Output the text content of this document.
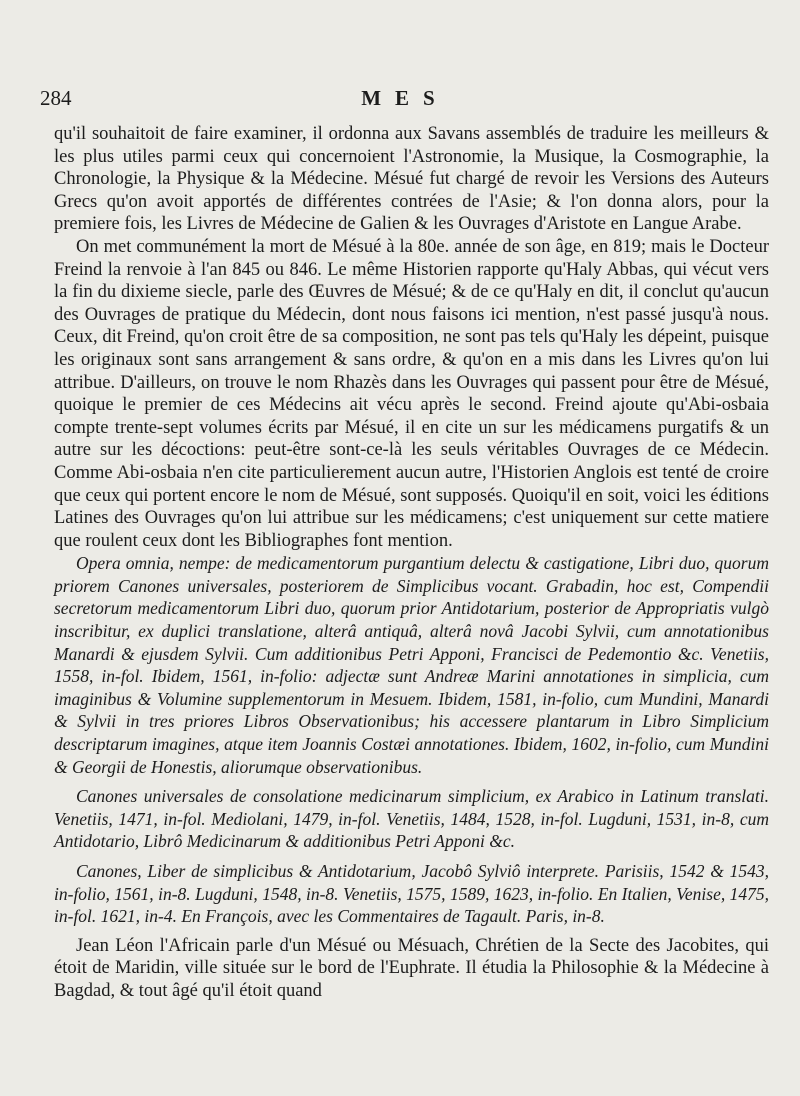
284	MES

qu'il souhaitoit de faire examiner, il ordonna aux Savans assemblés de traduire les meilleurs & les plus utiles parmi ceux qui concernoient l'Astronomie, la Musique, la Cosmographie, la Chronologie, la Physique & la Médecine. Mésué fut chargé de revoir les Versions des Auteurs Grecs qu'on avoit apportés de différentes contrées de l'Asie; & l'on donna alors, pour la premiere fois, les Livres de Médecine de Galien & les Ouvrages d'Aristote en Langue Arabe.

On met communément la mort de Mésué à la 80e. année de son âge, en 819; mais le Docteur Freind la renvoie à l'an 845 ou 846. Le même Historien rapporte qu'Haly Abbas, qui vécut vers la fin du dixieme siecle, parle des Œuvres de Mésué; & de ce qu'Haly en dit, il conclut qu'aucun des Ouvrages de pratique du Médecin, dont nous faisons ici mention, n'est passé jusqu'à nous. Ceux, dit Freind, qu'on croit être de sa composition, ne sont pas tels qu'Haly les dépeint, puisque les originaux sont sans arrangement & sans ordre, & qu'on en a mis dans les Livres qu'on lui attribue. D'ailleurs, on trouve le nom Rhazès dans les Ouvrages qui passent pour être de Mésué, quoique le premier de ces Médecins ait vécu après le second. Freind ajoute qu'Abi-osbaia compte trente-sept volumes écrits par Mésué, il en cite un sur les médicamens purgatifs & un autre sur les décoctions: peut-être sont-ce-là les seuls véritables Ouvrages de ce Médecin. Comme Abi-osbaia n'en cite particulierement aucun autre, l'Historien Anglois est tenté de croire que ceux qui portent encore le nom de Mésué, sont supposés. Quoiqu'il en soit, voici les éditions Latines des Ouvrages qu'on lui attribue sur les médicamens; c'est uniquement sur cette matiere que roulent ceux dont les Bibliographes font mention.

Opera omnia, nempe: de medicamentorum purgantium delectu & castigatione, Libri duo, quorum priorem Canones universales, posteriorem de Simplicibus vocant. Grabadin, hoc est, Compendii secretorum medicamentorum Libri duo, quorum prior Antidotarium, posterior de Appropriatis vulgò inscribitur, ex duplici translatione, alterâ antiquâ, alterâ novâ Jacobi Sylvii, cum annotationibus Manardi & ejusdem Sylvii. Cum additionibus Petri Apponi, Francisci de Pedemontio &c. Venetiis, 1558, in-fol. Ibidem, 1561, in-folio: adjectæ sunt Andreæ Marini annotationes in simplicia, cum imaginibus & Volumine supplementorum in Mesuem. Ibidem, 1581, in-folio, cum Mundini, Manardi & Sylvii in tres priores Libros Observationibus; his accessere plantarum in Libro Simplicium descriptarum imagines, atque item Joannis Costæi annotationes. Ibidem, 1602, in-folio, cum Mundini & Georgii de Honestis, aliorumque observationibus.

Canones universales de consolatione medicinarum simplicium, ex Arabico in Latinum translati. Venetiis, 1471, in-fol. Mediolani, 1479, in-fol. Venetiis, 1484, 1528, in-fol. Lugduni, 1531, in-8, cum Antidotario, Librô Medicinarum & additionibus Petri Apponi &c.

Canones, Liber de simplicibus & Antidotarium, Jacobô Sylviô interprete. Parisiis, 1542 & 1543, in-folio, 1561, in-8. Lugduni, 1548, in-8. Venetiis, 1575, 1589, 1623, in-folio. En Italien, Venise, 1475, in-fol. 1621, in-4. En François, avec les Commentaires de Tagault. Paris, in-8.

Jean Léon l'Africain parle d'un Mésué ou Mésuach, Chrétien de la Secte des Jacobites, qui étoit de Maridin, ville située sur le bord de l'Euphrate. Il étudia la Philosophie & la Médecine à Bagdad, & tout âgé qu'il étoit quand
